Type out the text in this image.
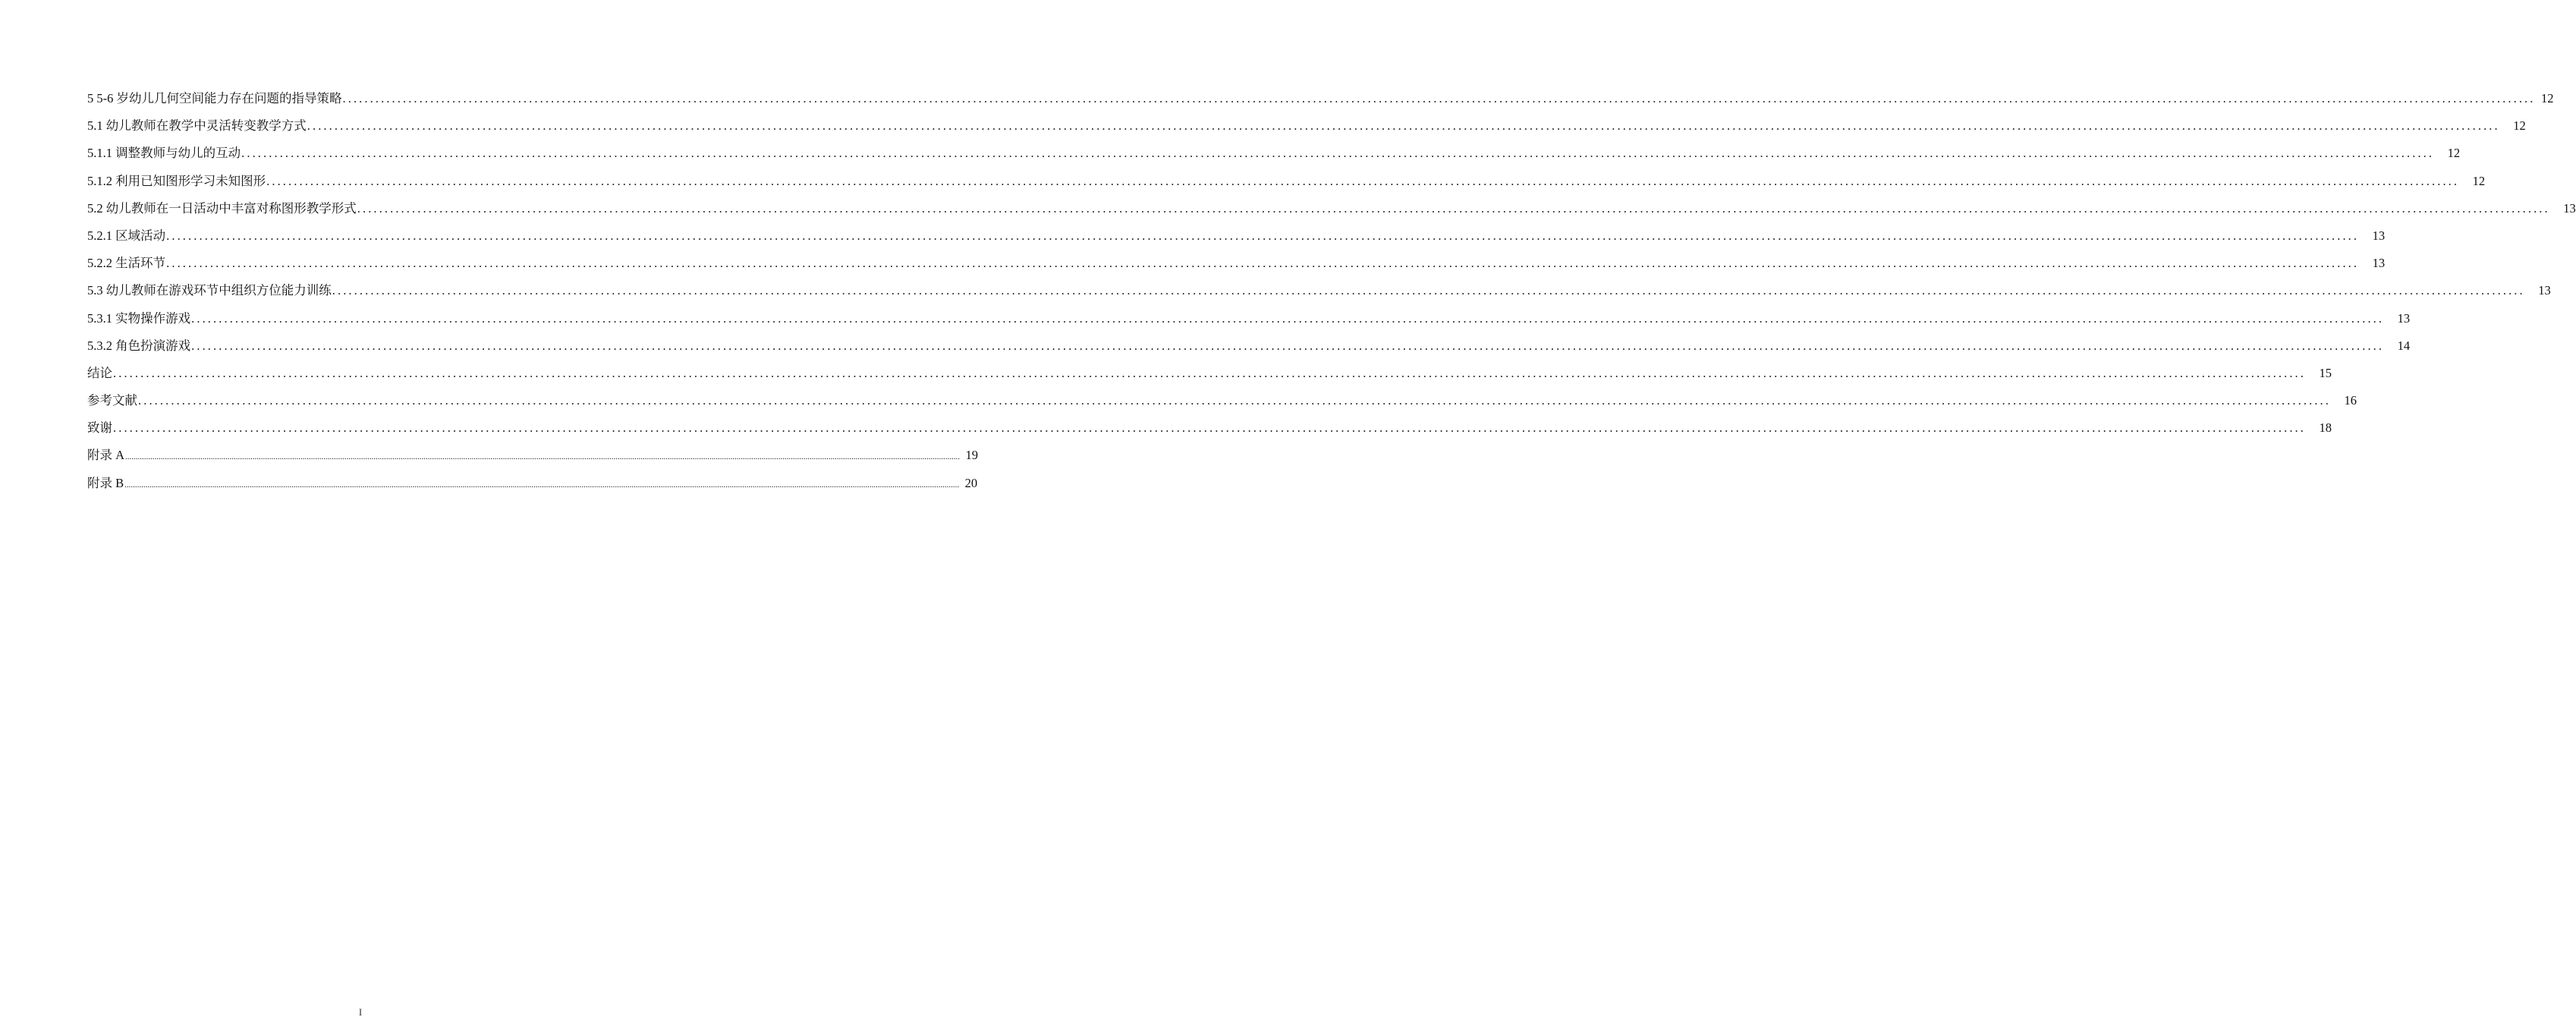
5 5-6 岁幼儿几何空间能力存在问题的指导策略 ................................................................................................................................................................................................................................................................................................................................................................................................................ 12
5.1 幼儿教师在教学中灵活转变教学方式 ................................................................................................................................................................................................................................................................................................................................................................................................................	12
5.1.1 调整教师与幼儿的互动 ................................................................................................................................................................................................................................................................................................................................................................................................................	12
5.1.2 利用已知图形学习未知图形 ................................................................................................................................................................................................................................................................................................................................................................................................................	12
5.2 幼儿教师在一日活动中丰富对称图形教学形式 ................................................................................................................................................................................................................................................................................................................................................................................................................	13
5.2.1 区域活动 ................................................................................................................................................................................................................................................................................................................................................................................................................	13
5.2.2 生活环节 ................................................................................................................................................................................................................................................................................................................................................................................................................	13
5.3 幼儿教师在游戏环节中组织方位能力训练 ................................................................................................................................................................................................................................................................................................................................................................................................................	13
5.3.1 实物操作游戏 ................................................................................................................................................................................................................................................................................................................................................................................................................	13
5.3.2 角色扮演游戏 ................................................................................................................................................................................................................................................................................................................................................................................................................	14
结论 ................................................................................................................................................................................................................................................................................................................................................................................................................	15
参考文献 ................................................................................................................................................................................................................................................................................................................................................................................................................	16
致谢 ................................................................................................................................................................................................................................................................................................................................................................................................................	18
附录 A ................................................................................................................................................................................................................................................................................................................................................................................................................ 19
附录 B ................................................................................................................................................................................................................................................................................................................................................................................................................ 20
I
